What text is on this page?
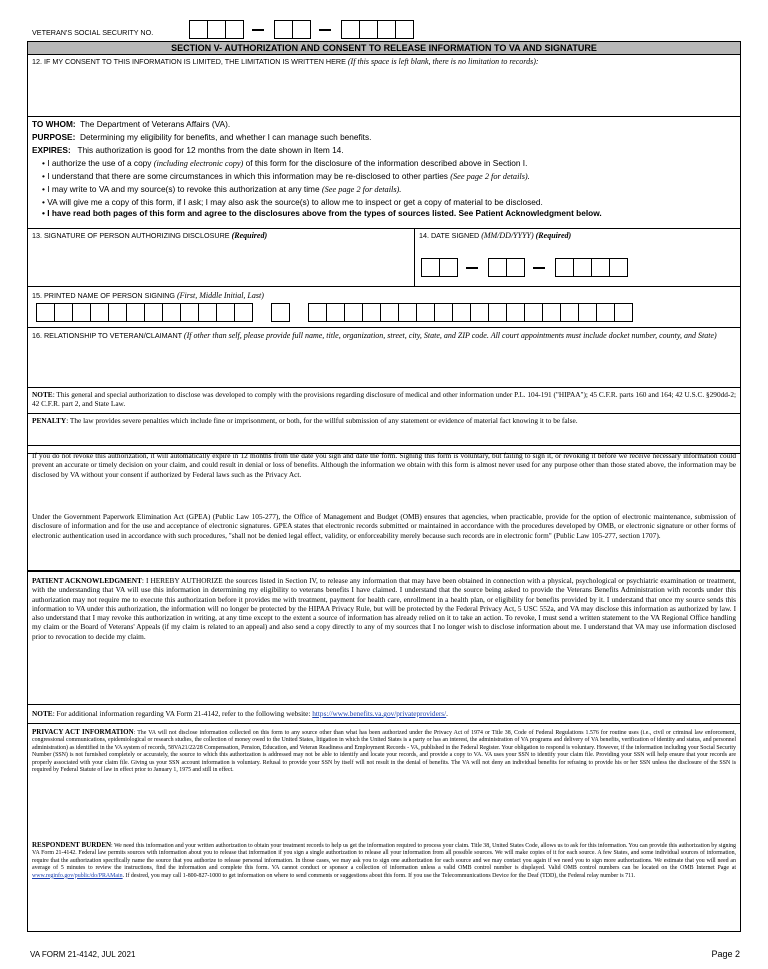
VETERAN'S SOCIAL SECURITY NO.

SECTION V- AUTHORIZATION AND CONSENT TO RELEASE INFORMATION TO VA AND SIGNATURE
12. IF MY CONSENT TO THIS INFORMATION IS LIMITED, THE LIMITATION IS WRITTEN HERE (If this space is left blank, there is no limitation to records):
TO WHOM: The Department of Veterans Affairs (VA).
PURPOSE: Determining my eligibility for benefits, and whether I can manage such benefits.
EXPIRES: This authorization is good for 12 months from the date shown in Item 14.
• I authorize the use of a copy (including electronic copy) of this form for the disclosure of the information described above in Section I.
• I understand that there are some circumstances in which this information may be re-disclosed to other parties (See page 2 for details).
• I may write to VA and my source(s) to revoke this authorization at any time (See page 2 for details).
• VA will give me a copy of this form, if I ask; I may also ask the source(s) to allow me to inspect or get a copy of material to be disclosed.
• I have read both pages of this form and agree to the disclosures above from the types of sources listed. See Patient Acknowledgment below.
13. SIGNATURE OF PERSON AUTHORIZING DISCLOSURE (Required)	14. DATE SIGNED (MM/DD/YYYY) (Required)

15. PRINTED NAME OF PERSON SIGNING (First, Middle Initial, Last)

16. RELATIONSHIP TO VETERAN/CLAIMANT (If other than self, please provide full name, title, organization, street, city, State, and ZIP code. All court appointments must include docket number, county, and State)
NOTE: This general and special authorization to disclose was developed to comply with the provisions regarding disclosure of medical and other information under P.L. 104-191 ("HIPAA"); 45 C.F.R. parts 160 and 164; 42 U.S.C. §290dd-2; 42 C.F.R. part 2, and State Law.
PENALTY: The law provides severe penalties which include fine or imprisonment, or both, for the willful submission of any statement or evidence of material fact knowing it to be false.
If you do not revoke this authorization, it will automatically expire in 12 months from the date you sign and date the form. Signing this form is voluntary, but failing to sign it, or revoking it before we receive necessary information could prevent an accurate or timely decision on your claim, and could result in denial or loss of benefits. Although the information we obtain with this form is almost never used for any purpose other than those stated above, the information may be disclosed by VA without your consent if authorized by Federal laws such as the Privacy Act.
Under the Government Paperwork Elimination Act (GPEA) (Public Law 105-277), the Office of Management and Budget (OMB) ensures that agencies, when practicable, provide for the option of electronic maintenance, submission of disclosure of information and for the use and acceptance of electronic signatures. GPEA states that electronic records submitted or maintained in accordance with the procedures developed by OMB, or electronic signature or other forms of electronic authentication used in accordance with such procedures, "shall not be denied legal effect, validity, or enforceability merely because such records are in electronic form" (Public Law 105-277, section 1707).
PATIENT ACKNOWLEDGMENT: I HEREBY AUTHORIZE the sources listed in Section IV, to release any information that may have been obtained in connection with a physical, psychological or psychiatric examination or treatment, with the understanding that VA will use this information in determining my eligibility to veterans benefits I have claimed. I understand that the source being asked to provide the Veterans Benefits Administration with records under this authorization may not require me to execute this authorization before it provides me with treatment, payment for health care, enrollment in a health plan, or eligibility for benefits provided by it. I understand that once my source sends this information to VA under this authorization, the information will no longer be protected by the HIPAA Privacy Rule, but will be protected by the Federal Privacy Act, 5 USC 552a, and VA may disclose this information as authorized by law. I also understand that I may revoke this authorization in writing, at any time except to the extent a source of information has already relied on it to take an action. To revoke, I must send a written statement to the VA Regional Office handling my claim or the Board of Veterans' Appeals (if my claim is related to an appeal) and also send a copy directly to any of my sources that I no longer wish to disclose information about me. I understand that VA may use information disclosed prior to revocation to decide my claim.
NOTE: For additional information regarding VA Form 21-4142, refer to the following website: https://www.benefits.va.gov/privateproviders/.
PRIVACY ACT INFORMATION: The VA will not disclose information collected on this form to any source other than what has been authorized under the Privacy Act of 1974 or Title 38, Code of Federal Regulations 1.576 for routine uses (i.e., civil or criminal law enforcement, congressional communications, epidemiological or research studies, the collection of money owed to the United States, litigation in which the United States is a party or has an interest, the administration of VA programs and delivery of VA benefits, verification of identity and status, and personnel administration) as identified in the VA system of records, 58VA21/22/28 Compensation, Pension, Education, and Veteran Readiness and Employment Records - VA, published in the Federal Register. Your obligation to respond is voluntary. However, if the information including your Social Security Number (SSN) is not furnished completely or accurately, the source to which this authorization is addressed may not be able to identify and locate your records, and provide a copy to VA. VA uses your SSN to identify your claim file. Providing your SSN will help ensure that your records are properly associated with your claim file. Giving us your SSN account information is voluntary. Refusal to provide your SSN by itself will not result in the denial of benefits. The VA will not deny an individual benefits for refusing to provide his or her SSN unless the disclosure of the SSN is required by Federal Statute of law in effect prior to January 1, 1975 and still in effect.
RESPONDENT BURDEN: We need this information and your written authorization to obtain your treatment records to help us get the information required to process your claim. Title 38, United States Code, allows us to ask for this information. You can provide this authorization by signing VA Form 21-4142. Federal law permits sources with information about you to release that information if you sign a single authorization to release all your information from all possible sources. We will make copies of it for each source. A few States, and some individual sources of information, require that the authorization specifically name the source that you authorize to release personal information. In those cases, we may ask you to sign one authorization for each source and we may contact you again if we need you to sign more authorizations. We estimate that you will need an average of 5 minutes to review the instructions, find the information and complete this form. VA cannot conduct or sponsor a collection of information unless a valid OMB control number is displayed. Valid OMB control numbers can be located on the OMB Internet Page at www.reginfo.gov/public/do/PRAMain. If desired, you may call 1-800-827-1000 to get information on where to send comments or suggestions about this form. If you use the Telecommunications Device for the Deaf (TDD), the Federal relay number is 711.
VA FORM 21-4142, JUL 2021	Page 2
